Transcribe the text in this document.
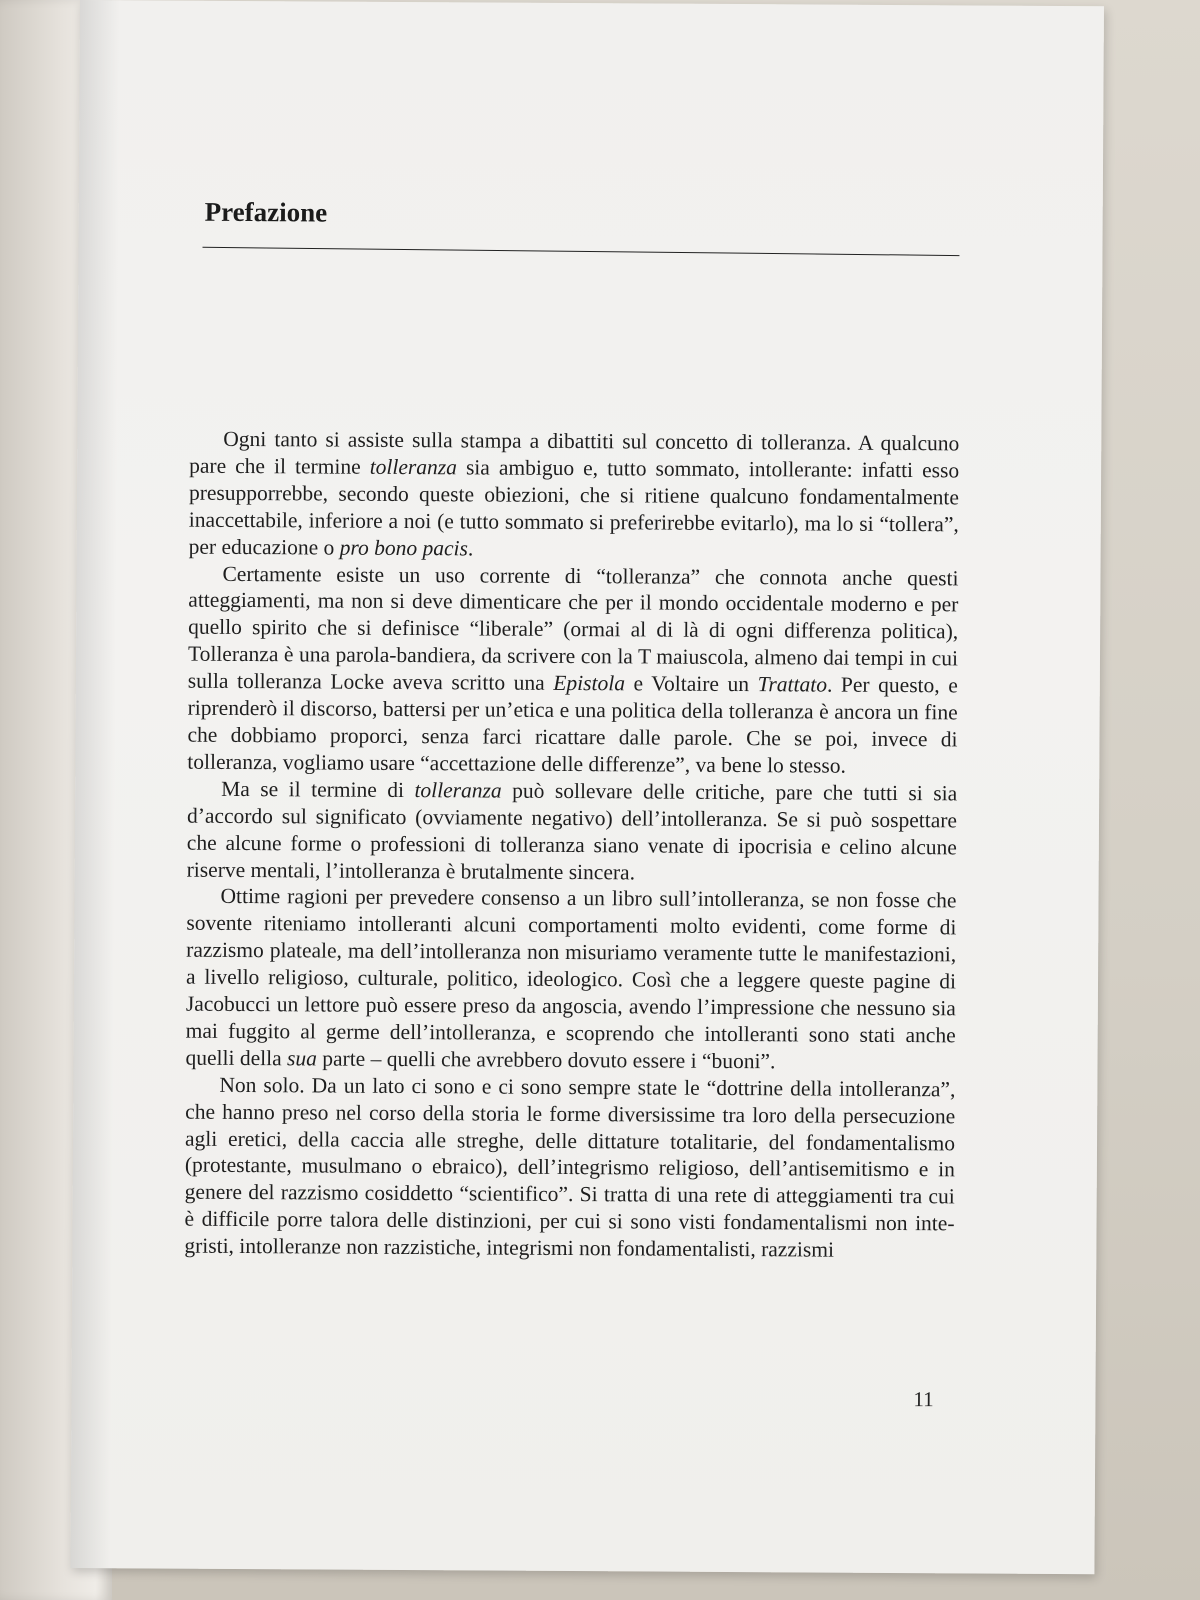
Prefazione

Ogni tanto si assiste sulla stampa a dibattiti sul concetto di tolleranza. A qualcuno pare che il termine tolleranza sia ambiguo e, tutto sommato, intollerante: infatti esso presupporrebbe, secondo queste obiezioni, che si ritiene qualcuno fondamentalmente inaccettabile, inferiore a noi (e tutto sommato si preferirebbe evitarlo), ma lo si “tollera”, per educazione o pro bono pacis.

Certamente esiste un uso corrente di “tolleranza” che connota anche questi atteggiamenti, ma non si deve dimenticare che per il mondo occidentale moderno e per quello spirito che si definisce “liberale” (ormai al di là di ogni differenza politica), Tolleranza è una parola-bandiera, da scrivere con la T maiuscola, almeno dai tempi in cui sulla tolleranza Locke aveva scritto una Epistola e Voltaire un Trattato. Per questo, e riprenderò il discorso, battersi per un’etica e una politica della tolleranza è ancora un fine che dobbiamo proporci, senza farci ricattare dalle parole. Che se poi, invece di tolleranza, vogliamo usare “accettazione delle differenze”, va bene lo stesso.

Ma se il termine di tolleranza può sollevare delle critiche, pare che tutti si sia d’accordo sul significato (ovviamente negativo) dell’intolleranza. Se si può sospettare che alcune forme o professioni di tolleranza siano venate di ipocrisia e celino alcune riserve mentali, l’intolleranza è brutalmente sincera.

Ottime ragioni per prevedere consenso a un libro sull’intolleranza, se non fosse che sovente riteniamo intolleranti alcuni comportamenti molto evidenti, come forme di razzismo plateale, ma dell’intolleranza non misuriamo veramente tutte le manifestazioni, a livello religioso, culturale, politico, ideologico. Così che a leggere queste pagine di Jacobucci un lettore può essere preso da angoscia, avendo l’impressione che nessuno sia mai fuggito al germe dell’intolleranza, e scoprendo che intolleranti sono stati anche quelli della sua parte – quelli che avrebbero dovuto essere i “buoni”.

Non solo. Da un lato ci sono e ci sono sempre state le “dottrine della intolleranza”, che hanno preso nel corso della storia le forme diversissime tra loro della persecuzione agli eretici, della caccia alle streghe, delle dittature totalitarie, del fondamentalismo (protestante, musulmano o ebraico), dell’integrismo religioso, dell’antisemitismo e in genere del razzismo cosiddetto “scientifico”. Si tratta di una rete di atteggiamenti tra cui è difficile porre talora delle distinzioni, per cui si sono visti fondamentalismi non integristi, intolleranze non razzistiche, integrismi non fondamentalisti, razzismi

11
